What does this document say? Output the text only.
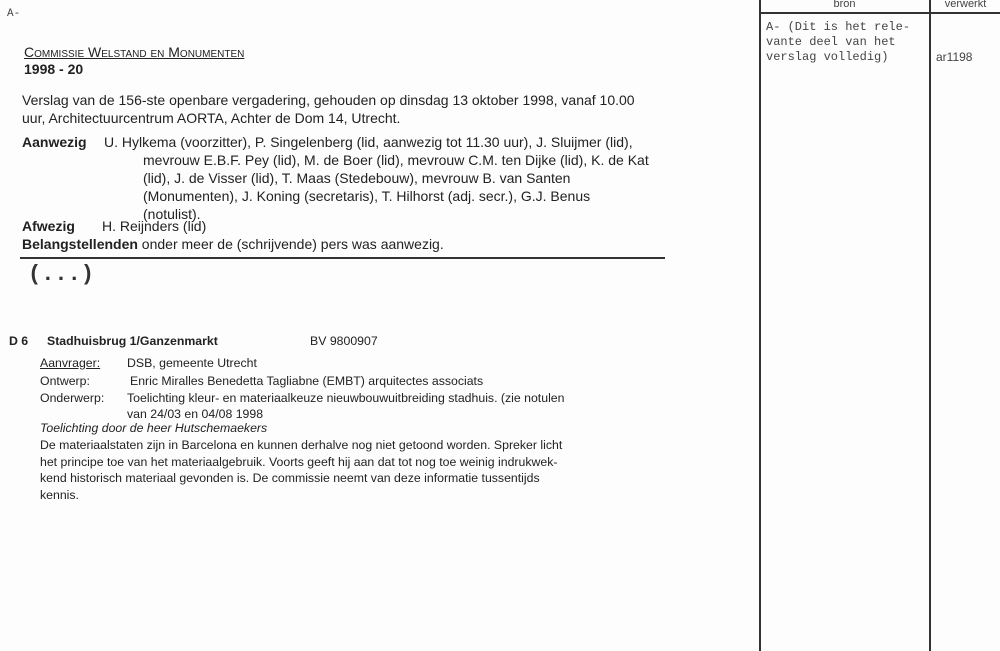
A-
Commissie Welstand en Monumenten
1998 - 20
Verslag van de 156-ste openbare vergadering, gehouden op dinsdag 13 oktober 1998, vanaf 10.00
uur, Architectuurcentrum AORTA, Achter de Dom 14, Utrecht.
Aanwezig U. Hylkema (voorzitter), P. Singelenberg (lid, aanwezig tot 11.30 uur), J. Sluijmer (lid),
mevrouw E.B.F. Pey (lid), M. de Boer (lid), mevrouw C.M. ten Dijke (lid), K. de Kat
(lid), J. de Visser (lid), T. Maas (Stedebouw), mevrouw B. van Santen
(Monumenten), J. Koning (secretaris), T. Hilhorst (adj. secr.), G.J. Benus
(notulist).
Afwezig H. Reijnders (lid)
Belangstellenden onder meer de (schrijvende) pers was aanwezig.
(...)
D 6 Stadhuisbrug 1/Ganzenmarkt	BV 9800907
Aanvrager: DSB, gemeente Utrecht
Ontwerp:	Enric Miralles Benedetta Tagliabne (EMBT) arquitectes associats
Onderwerp: Toelichting kleur- en materiaalkeuze nieuwbouwuitbreiding stadhuis. (zie notulen
van 24/03 en 04/08 1998
Toelichting door de heer Hutschemaekers
De materiaalstaten zijn in Barcelona en kunnen derhalve nog niet getoond worden. Spreker licht
het principe toe van het materiaalgebruik. Voorts geeft hij aan dat tot nog toe weinig indrukwek-
kend historisch materiaal gevonden is. De commissie neemt van deze informatie tussentijds
kennis.
bron	verwerkt
A- (Dit is het rele-
vante deel van het
verslag volledig)	ar1198
